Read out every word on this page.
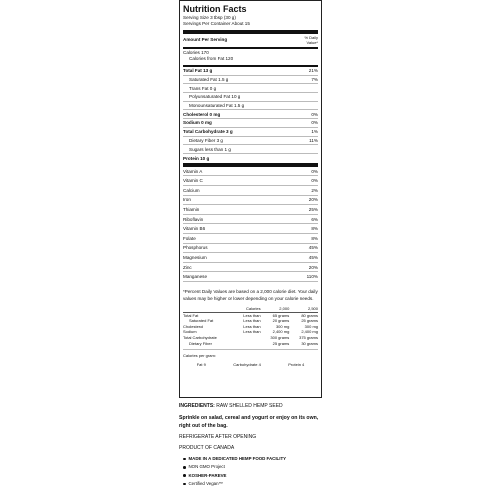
Nutrition Facts
Serving Size 3 tbsp (30 g)
Servings Per Container About 15
Amount Per Serving	% Daily Value*
Calories 170
Calories from Fat 120
Total Fat 13 g	21%
Saturated Fat 1.5 g	7%
Trans Fat 0 g
Polyunsaturated Fat 10 g
Monounsaturated Fat 1.5 g
Cholesterol 0 mg	0%
Sodium 0 mg	0%
Total Carbohydrate 3 g	1%
Dietary Fiber 3 g	11%
Sugars less than 1 g
Protein 10 g
Vitamin A	0%
Vitamin C	0%
Calcium	2%
Iron	20%
Thiamin	25%
Riboflavin	6%
Vitamin B6	8%
Folate	8%
Phosphorus	45%
Magnesium	45%
Zinc	20%
Manganese	110%
*Percent Daily Values are based on a 2,000 calorie diet. Your daily values may be higher or lower depending on your calorie needs.
	Calories	2,000	2,500
Total Fat	Less than	65 grams	80 grams
Saturated Fat	Less than	20 grams	25 grams
Cholesterol	Less than	300 mg	300 mg
Sodium	Less than	2,400 mg	2,400 mg
Total Carbohydrate		300 grams	375 grams
Dietary Fiber		25 grams	30 grams
Calories per gram:
Fat 9	Carbohydrate 4	Protein 4
INGREDIENTS: RAW SHELLED HEMP SEED
Sprinkle on salad, cereal and yogurt or enjoy on its own, right out of the bag.
REFRIGERATE AFTER OPENING
PRODUCT OF CANADA
MADE IN A DEDICATED HEMP FOOD FACILITY
NON GMO Project
KOSHER-PAREVE
Certified Vegan™
